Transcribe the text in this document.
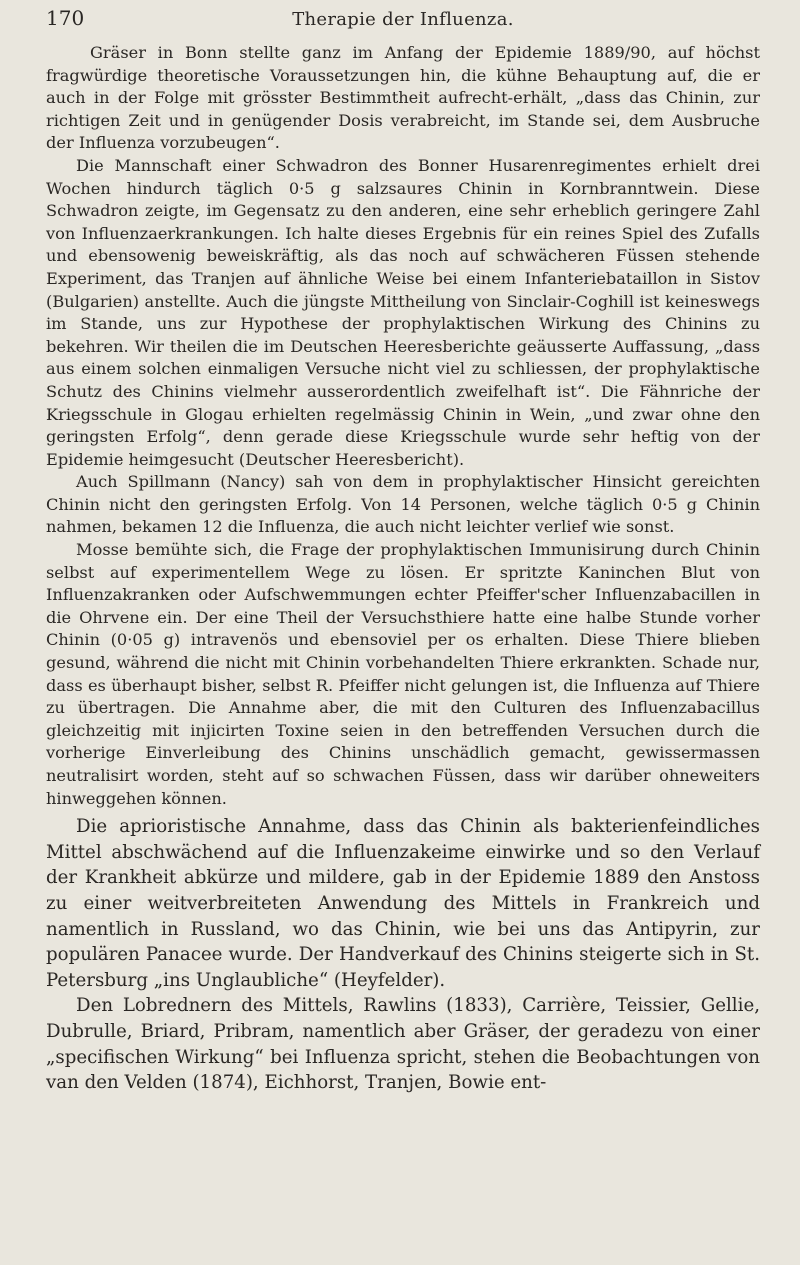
170	Therapie der Influenza.

Gräser in Bonn stellte ganz im Anfang der Epidemie 1889/90, auf höchst fragwürdige theoretische Voraussetzungen hin, die kühne Behauptung auf, die er auch in der Folge mit grösster Bestimmtheit aufrecht-erhält, „dass das Chinin, zur richtigen Zeit und in genügender Dosis verabreicht, im Stande sei, dem Ausbruche der Influenza vorzubeugen“.

Die Mannschaft einer Schwadron des Bonner Husarenregimentes erhielt drei Wochen hindurch täglich 0·5 g salzsaures Chinin in Kornbranntwein. Diese Schwadron zeigte, im Gegensatz zu den anderen, eine sehr erheblich geringere Zahl von Influenzaerkrankungen. Ich halte dieses Ergebnis für ein reines Spiel des Zufalls und ebensowenig beweiskräftig, als das noch auf schwächeren Füssen stehende Experiment, das Tranjen auf ähnliche Weise bei einem Infanteriebataillon in Sistov (Bulgarien) anstellte. Auch die jüngste Mittheilung von Sinclair-Coghill ist keineswegs im Stande, uns zur Hypothese der prophylaktischen Wirkung des Chinins zu bekehren. Wir theilen die im Deutschen Heeresberichte geäusserte Auffassung, „dass aus einem solchen einmaligen Versuche nicht viel zu schliessen, der prophylaktische Schutz des Chinins vielmehr ausserordentlich zweifelhaft ist“. Die Fähnriche der Kriegsschule in Glogau erhielten regelmässig Chinin in Wein, „und zwar ohne den geringsten Erfolg“, denn gerade diese Kriegsschule wurde sehr heftig von der Epidemie heimgesucht (Deutscher Heeresbericht).

Auch Spillmann (Nancy) sah von dem in prophylaktischer Hinsicht gereichten Chinin nicht den geringsten Erfolg. Von 14 Personen, welche täglich 0·5 g Chinin nahmen, bekamen 12 die Influenza, die auch nicht leichter verlief wie sonst.

Mosse bemühte sich, die Frage der prophylaktischen Immunisirung durch Chinin selbst auf experimentellem Wege zu lösen. Er spritzte Kaninchen Blut von Influenzakranken oder Aufschwemmungen echter Pfeiffer'scher Influenzabacillen in die Ohrvene ein. Der eine Theil der Versuchsthiere hatte eine halbe Stunde vorher Chinin (0·05 g) intravenös und ebensoviel per os erhalten. Diese Thiere blieben gesund, während die nicht mit Chinin vorbehandelten Thiere erkrankten. Schade nur, dass es überhaupt bisher, selbst R. Pfeiffer nicht gelungen ist, die Influenza auf Thiere zu übertragen. Die Annahme aber, die mit den Culturen des Influenzabacillus gleichzeitig mit injicirten Toxine seien in den betreffenden Versuchen durch die vorherige Einverleibung des Chinins unschädlich gemacht, gewissermassen neutralisirt worden, steht auf so schwachen Füssen, dass wir darüber ohneweiters hinweggehen können.

Die aprioristische Annahme, dass das Chinin als bakterienfeindliches Mittel abschwächend auf die Influenzakeime einwirke und so den Verlauf der Krankheit abkürze und mildere, gab in der Epidemie 1889 den Anstoss zu einer weitverbreiteten Anwendung des Mittels in Frankreich und namentlich in Russland, wo das Chinin, wie bei uns das Antipyrin, zur populären Panacee wurde. Der Handverkauf des Chinins steigerte sich in St. Petersburg „ins Unglaubliche“ (Heyfelder).

Den Lobrednern des Mittels, Rawlins (1833), Carrière, Teissier, Gellie, Dubrulle, Briard, Pribram, namentlich aber Gräser, der geradezu von einer „specifischen Wirkung“ bei Influenza spricht, stehen die Beobachtungen von van den Velden (1874), Eichhorst, Tranjen, Bowie ent-
